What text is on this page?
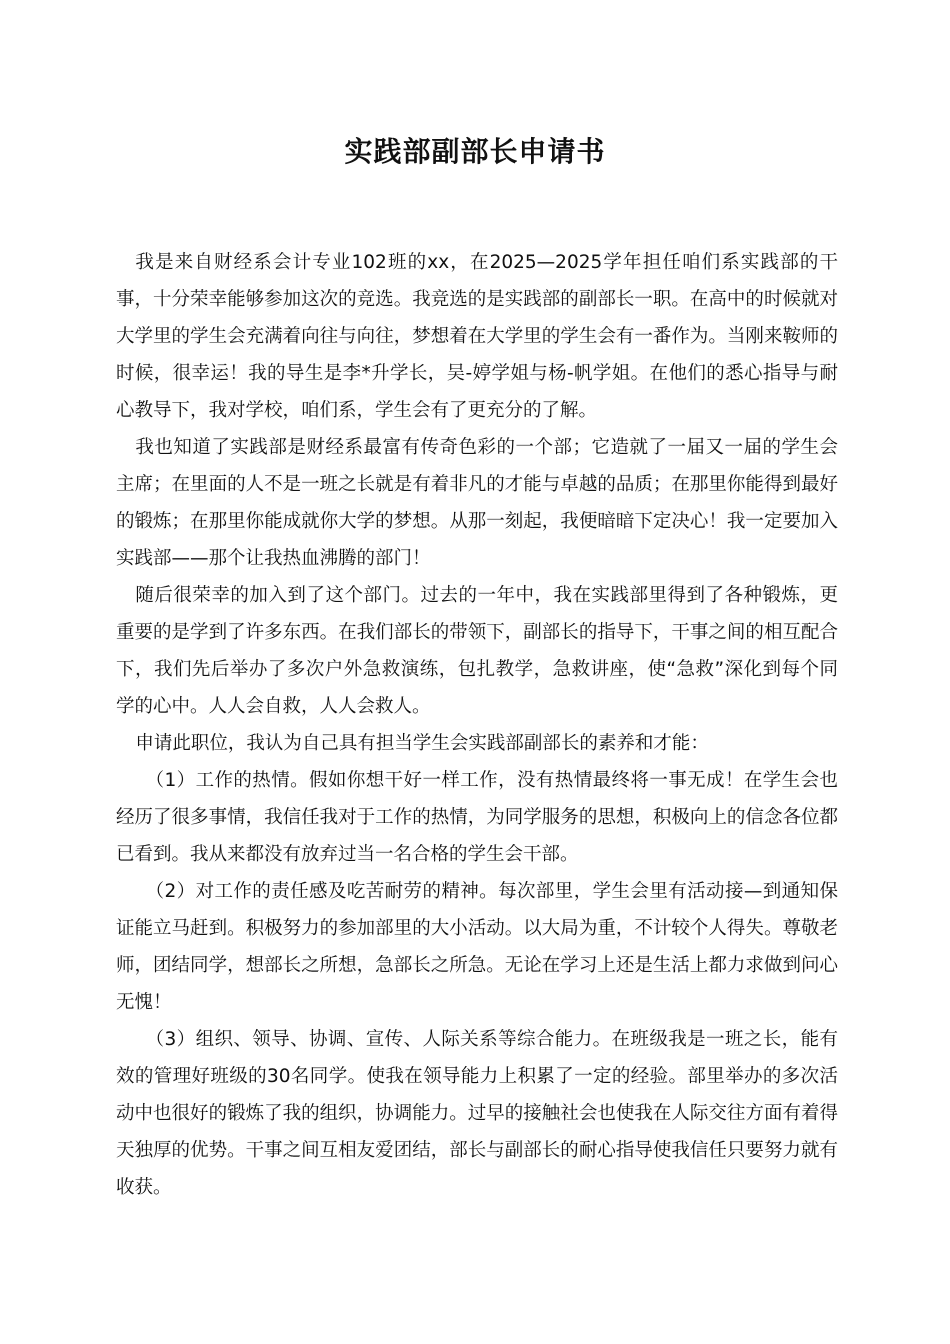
实践部副部长申请书

我是来自财经系会计专业102班的xx，在2025—2025学年担任咱们系实践部的干事，十分荣幸能够参加这次的竞选。我竞选的是实践部的副部长一职。在高中的时候就对大学里的学生会充满着向往与向往，梦想着在大学里的学生会有一番作为。当刚来鞍师的时候，很幸运！我的导生是李*升学长，吴-婷学姐与杨-帆学姐。在他们的悉心指导与耐心教导下，我对学校，咱们系，学生会有了更充分的了解。

我也知道了实践部是财经系最富有传奇色彩的一个部；它造就了一届又一届的学生会主席；在里面的人不是一班之长就是有着非凡的才能与卓越的品质；在那里你能得到最好的锻炼；在那里你能成就你大学的梦想。从那一刻起，我便暗暗下定决心！我一定要加入实践部——那个让我热血沸腾的部门！

随后很荣幸的加入到了这个部门。过去的一年中，我在实践部里得到了各种锻炼，更重要的是学到了许多东西。在我们部长的带领下，副部长的指导下，干事之间的相互配合下，我们先后举办了多次户外急救演练，包扎教学，急救讲座，使“急救”深化到每个同学的心中。人人会自救，人人会救人。

申请此职位，我认为自己具有担当学生会实践部副部长的素养和才能：

（1）工作的热情。假如你想干好一样工作，没有热情最终将一事无成！在学生会也经历了很多事情，我信任我对于工作的热情，为同学服务的思想，积极向上的信念各位都已看到。我从来都没有放弃过当一名合格的学生会干部。

（2）对工作的责任感及吃苦耐劳的精神。每次部里，学生会里有活动接—到通知保证能立马赶到。积极努力的参加部里的大小活动。以大局为重，不计较个人得失。尊敬老师，团结同学，想部长之所想，急部长之所急。无论在学习上还是生活上都力求做到问心无愧！

（3）组织、领导、协调、宣传、人际关系等综合能力。在班级我是一班之长，能有效的管理好班级的30名同学。使我在领导能力上积累了一定的经验。部里举办的多次活动中也很好的锻炼了我的组织，协调能力。过早的接触社会也使我在人际交往方面有着得天独厚的优势。干事之间互相友爱团结，部长与副部长的耐心指导使我信任只要努力就有收获。
